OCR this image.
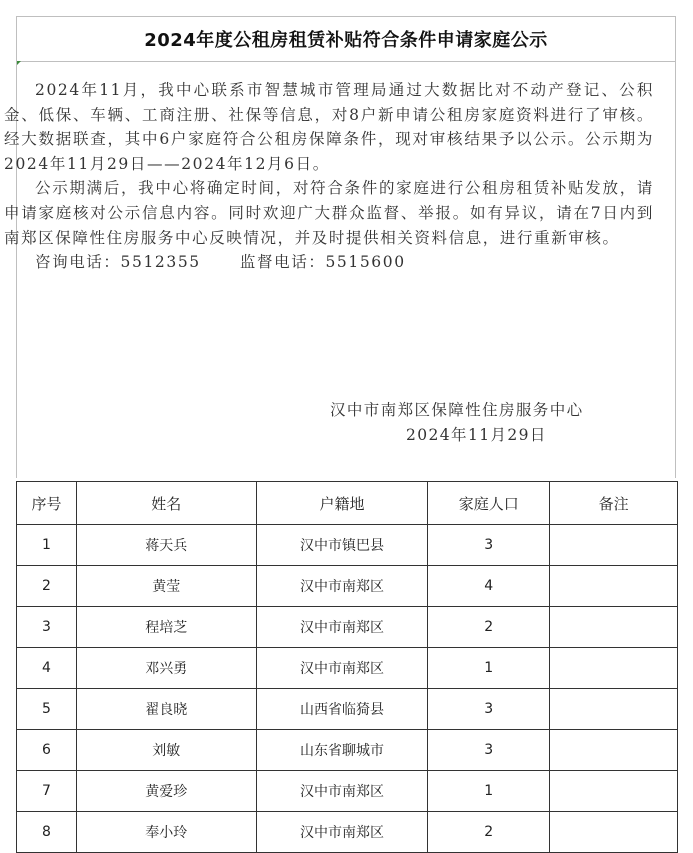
2024年度公租房租赁补贴符合条件申请家庭公示

2024年11月，我中心联系市智慧城市管理局通过大数据比对不动产登记、公积金、低保、车辆、工商注册、社保等信息，对8户新申请公租房家庭资料进行了审核。经大数据联查，其中6户家庭符合公租房保障条件，现对审核结果予以公示。公示期为2024年11月29日——2024年12月6日。

公示期满后，我中心将确定时间，对符合条件的家庭进行公租房租赁补贴发放，请申请家庭核对公示信息内容。同时欢迎广大群众监督、举报。如有异议，请在7日内到南郑区保障性住房服务中心反映情况，并及时提供相关资料信息，进行重新审核。

咨询电话：5512355	监督电话：5515600
汉中市南郑区保障性住房服务中心
2024年11月29日
序号	姓名	户籍地	家庭人口	备注
1	蒋天兵	汉中市镇巴县	3	
2	黄莹	汉中市南郑区	4	
3	程培芝	汉中市南郑区	2	
4	邓兴勇	汉中市南郑区	1	
5	翟良晓	山西省临猗县	3	
6	刘敏	山东省聊城市	3	
7	黄爱珍	汉中市南郑区	1	
8	奉小玲	汉中市南郑区	2	
